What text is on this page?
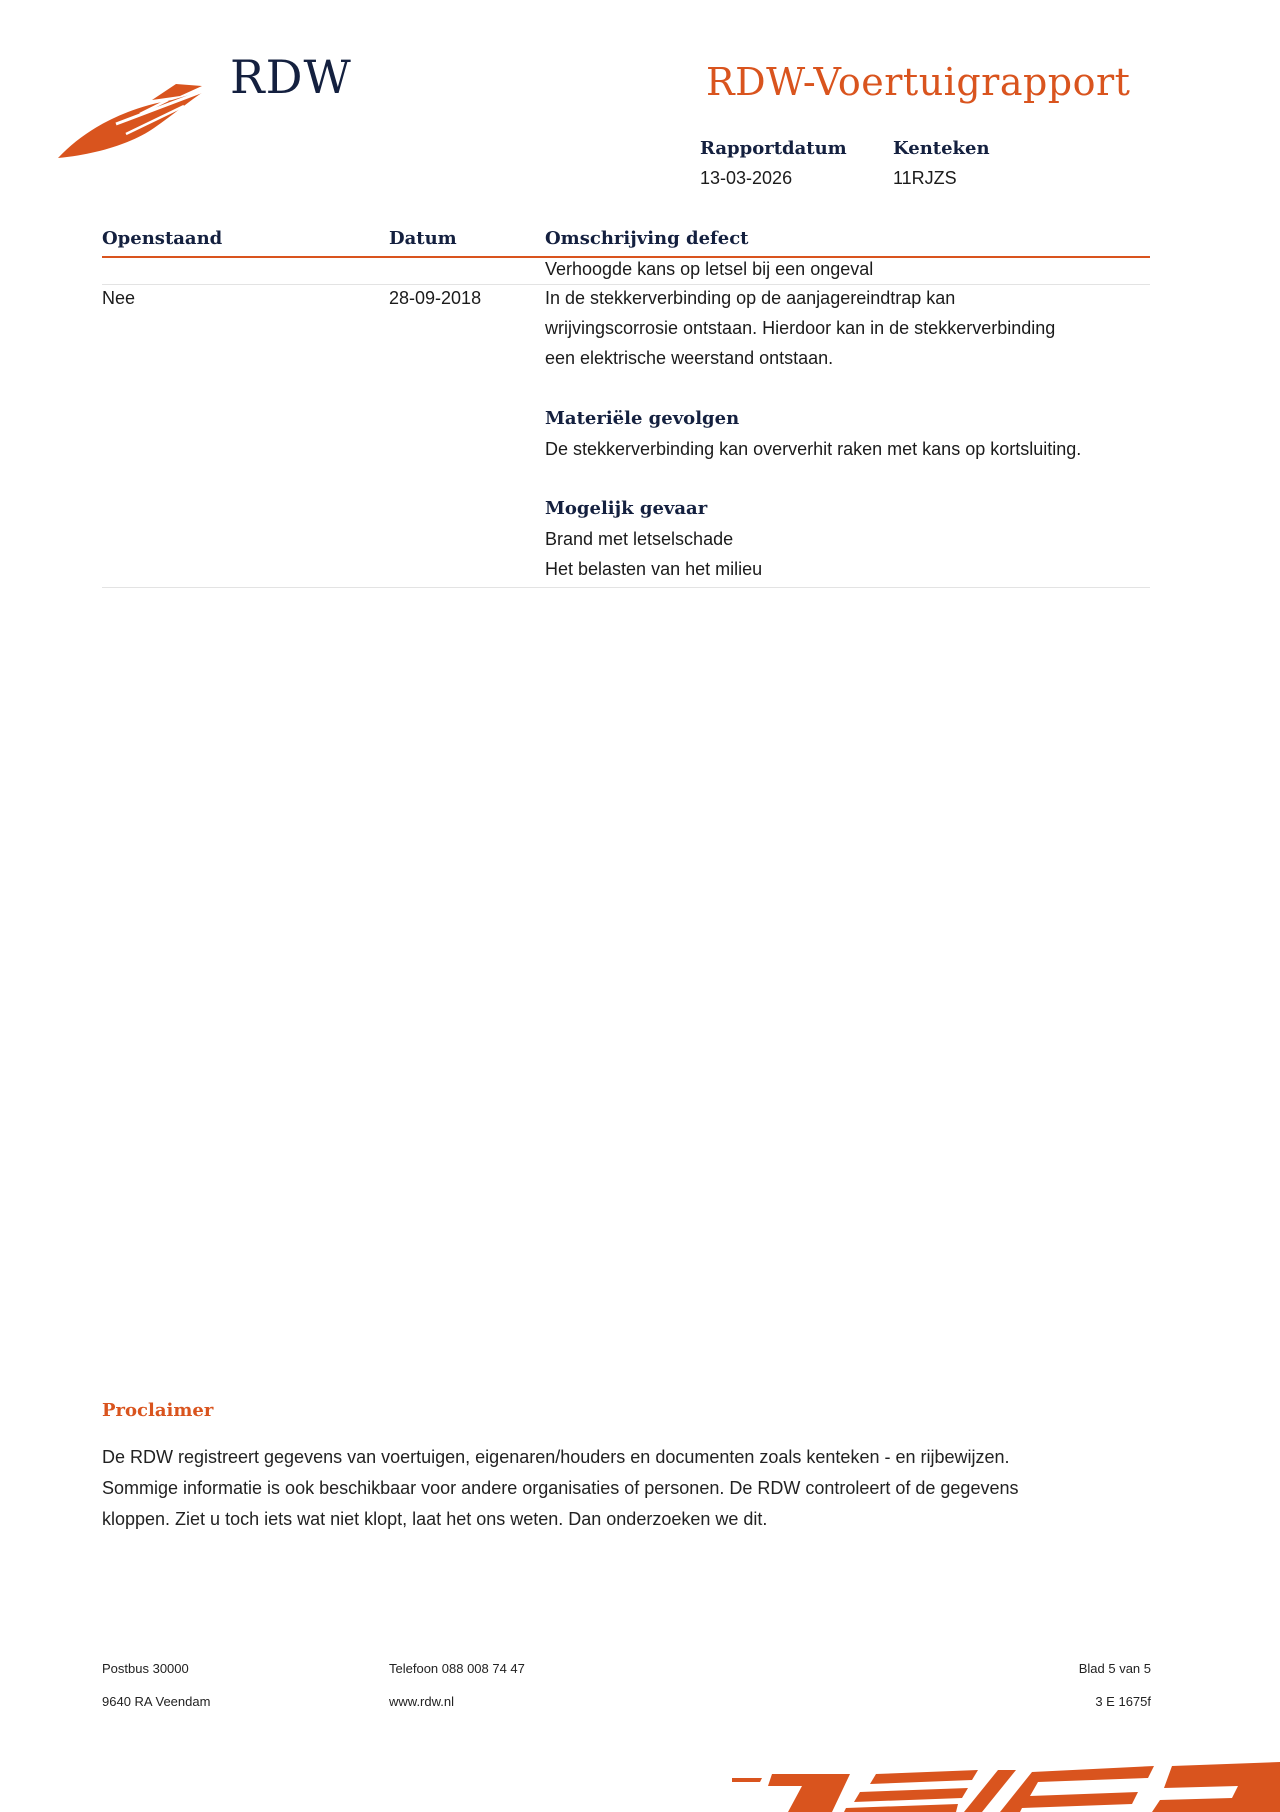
RDW	RDW-Voertuigrapport
Rapportdatum
13-03-2026
Kenteken
11RJZS
Openstaand	Datum	Omschrijving defect
Verhoogde kans op letsel bij een ongeval
Nee	28-09-2018	In de stekkerverbinding op de aanjagereindtrap kan
wrijvingscorrosie ontstaan. Hierdoor kan in de stekkerverbinding
een elektrische weerstand ontstaan.
Materiële gevolgen
De stekkerverbinding kan oververhit raken met kans op kortsluiting.
Mogelijk gevaar
Brand met letselschade
Het belasten van het milieu
Proclaimer
De RDW registreert gegevens van voertuigen, eigenaren/houders en documenten zoals kenteken - en rijbewijzen.
Sommige informatie is ook beschikbaar voor andere organisaties of personen. De RDW controleert of de gegevens
kloppen. Ziet u toch iets wat niet klopt, laat het ons weten. Dan onderzoeken we dit.
Postbus 30000
9640 RA Veendam
Telefoon 088 008 74 47
www.rdw.nl
Blad 5 van 5
3 E 1675f
